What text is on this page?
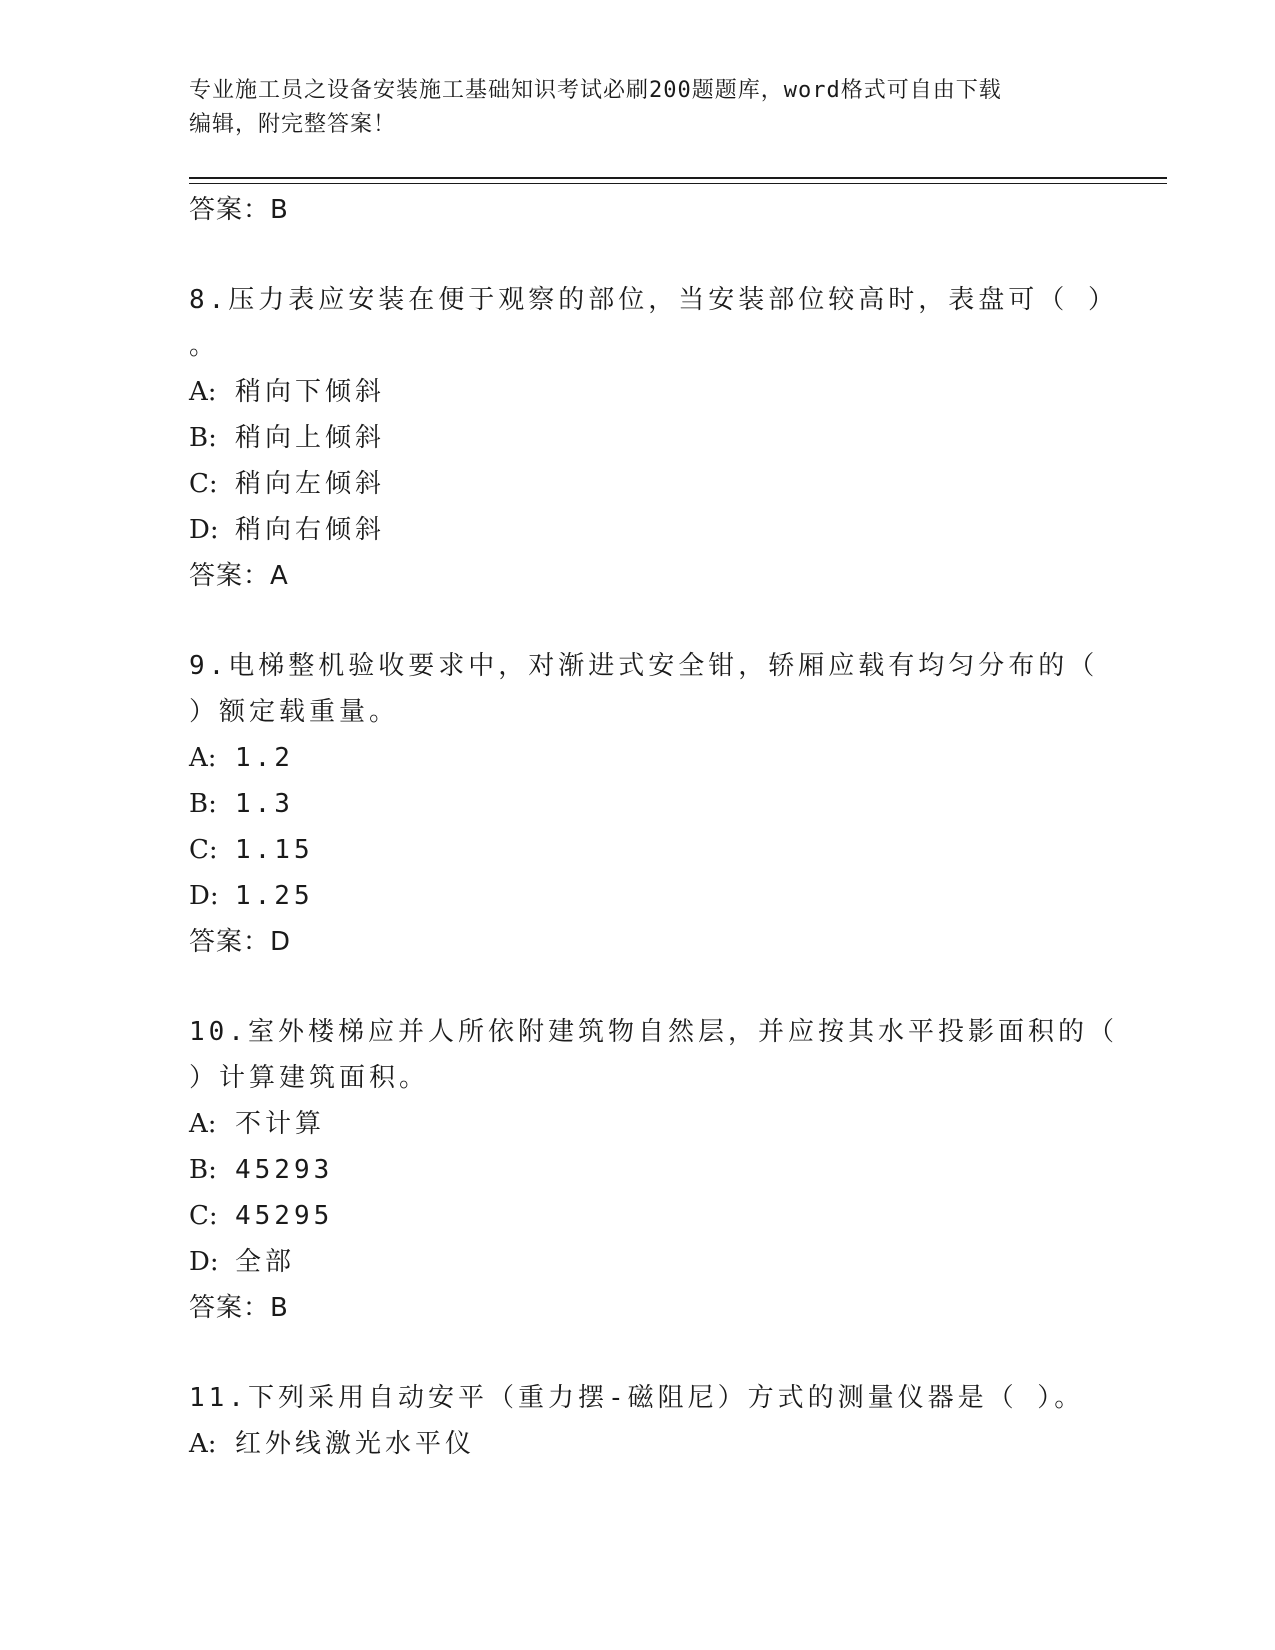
专业施工员之设备安装施工基础知识考试必刷200题题库，word格式可自由下载
编辑，附完整答案！
答案：B
8.压力表应安装在便于观察的部位，当安装部位较高时，表盘可（ ）
。
A: 稍向下倾斜
B: 稍向上倾斜
C: 稍向左倾斜
D: 稍向右倾斜
答案：A
9.电梯整机验收要求中，对渐进式安全钳，轿厢应载有均匀分布的（
）额定载重量。
A: 1.2
B: 1.3
C: 1.15
D: 1.25
答案：D
10.室外楼梯应并人所依附建筑物自然层，并应按其水平投影面积的（
）计算建筑面积。
A: 不计算
B: 45293
C: 45295
D: 全部
答案：B
11.下列采用自动安平（重力摆-磁阻尼）方式的测量仪器是（ ）。
A: 红外线激光水平仪
